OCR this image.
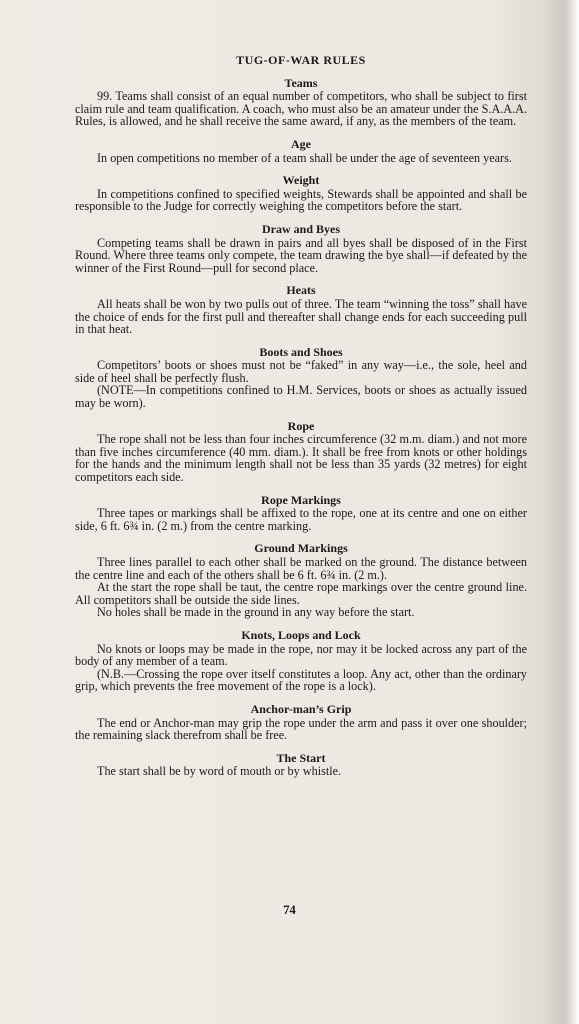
TUG-OF-WAR RULES
Teams

99. Teams shall consist of an equal number of competitors, who shall be subject to first claim rule and team qualification. A coach, who must also be an amateur under the S.A.A.A. Rules, is allowed, and he shall receive the same award, if any, as the members of the team.

Age

In open competitions no member of a team shall be under the age of seventeen years.

Weight

In competitions confined to specified weights, Stewards shall be appointed and shall be responsible to the Judge for correctly weighing the competitors before the start.

Draw and Byes

Competing teams shall be drawn in pairs and all byes shall be disposed of in the First Round. Where three teams only compete, the team drawing the bye shall—if defeated by the winner of the First Round—pull for second place.

Heats

All heats shall be won by two pulls out of three. The team “winning the toss” shall have the choice of ends for the first pull and thereafter shall change ends for each succeeding pull in that heat.

Boots and Shoes

Competitors’ boots or shoes must not be “faked” in any way—i.e., the sole, heel and side of heel shall be perfectly flush.

(NOTE—In competitions confined to H.M. Services, boots or shoes as actually issued may be worn).

Rope

The rope shall not be less than four inches circumference (32 m.m. diam.) and not more than five inches circumference (40 mm. diam.). It shall be free from knots or other holdings for the hands and the minimum length shall not be less than 35 yards (32 metres) for eight competitors each side.

Rope Markings

Three tapes or markings shall be affixed to the rope, one at its centre and one on either side, 6 ft. 6¾ in. (2 m.) from the centre marking.

Ground Markings

Three lines parallel to each other shall be marked on the ground. The distance between the centre line and each of the others shall be 6 ft. 6¾ in. (2 m.).

At the start the rope shall be taut, the centre rope markings over the centre ground line. All competitors shall be outside the side lines.

No holes shall be made in the ground in any way before the start.

Knots, Loops and Lock

No knots or loops may be made in the rope, nor may it be locked across any part of the body of any member of a team.

(N.B.—Crossing the rope over itself constitutes a loop. Any act, other than the ordinary grip, which prevents the free movement of the rope is a lock).

Anchor-man’s Grip

The end or Anchor-man may grip the rope under the arm and pass it over one shoulder; the remaining slack therefrom shall be free.

The Start

The start shall be by word of mouth or by whistle.

74
